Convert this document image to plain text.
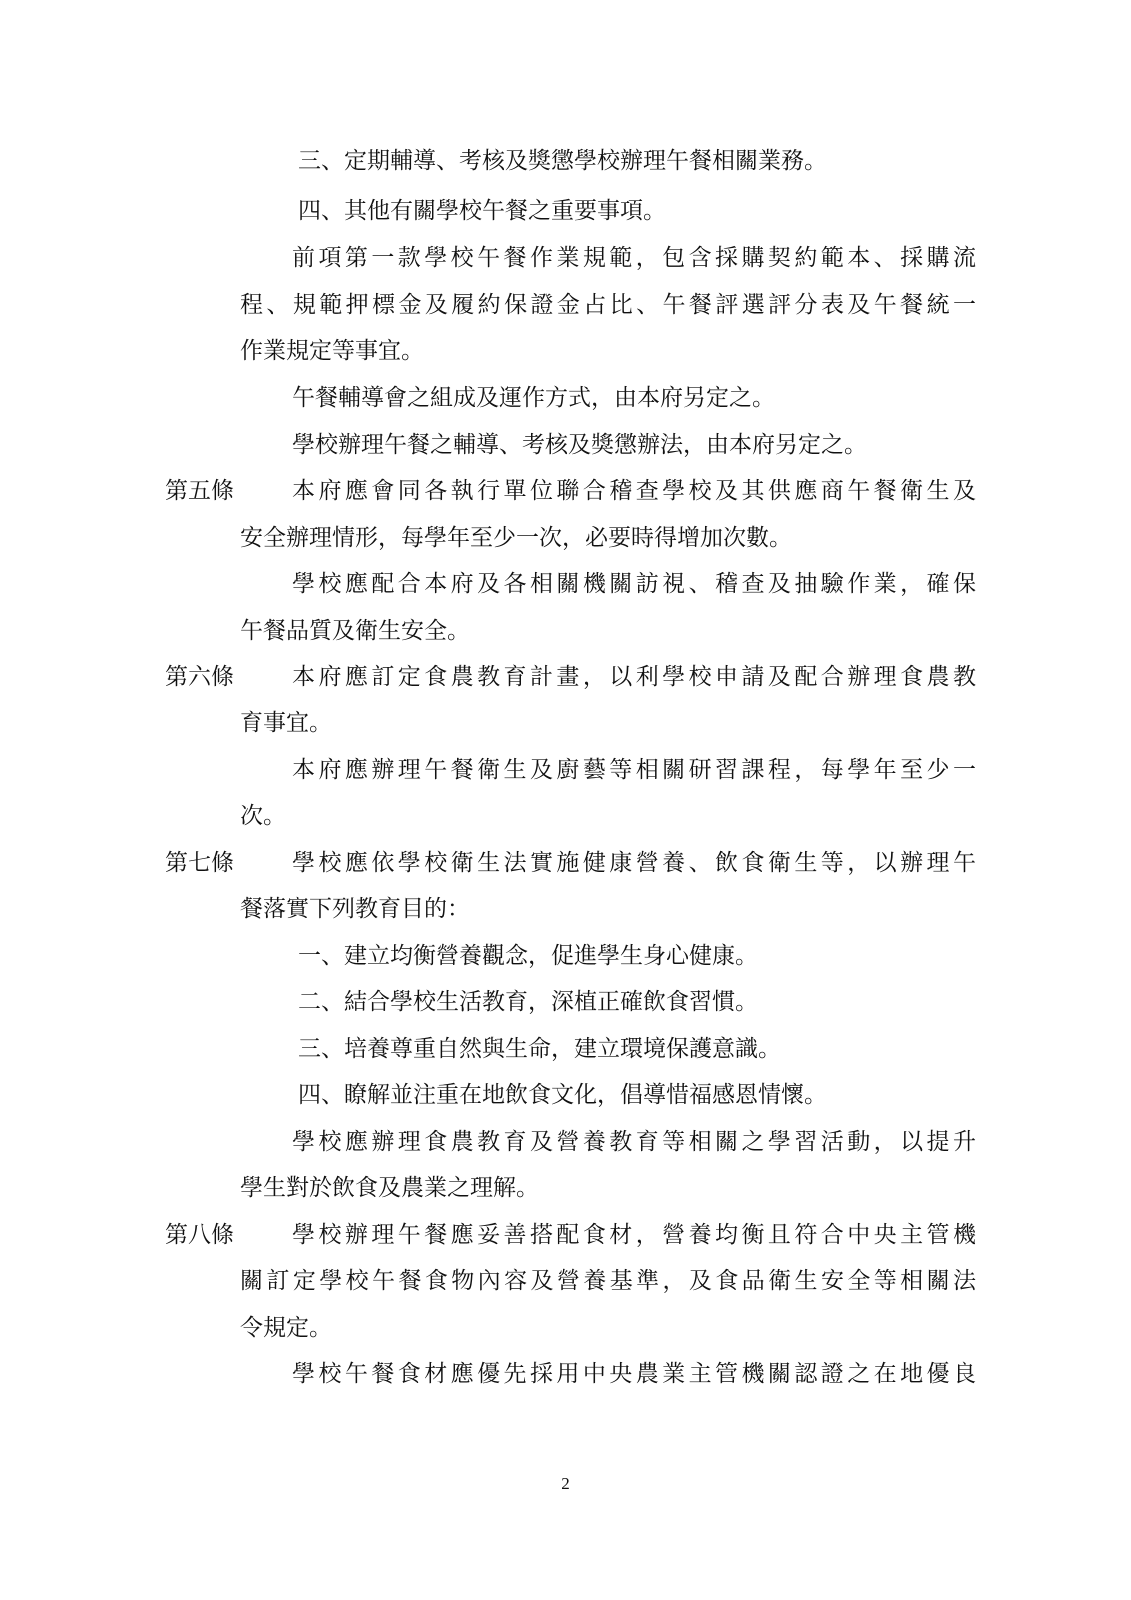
三、定期輔導、考核及獎懲學校辦理午餐相關業務。
四、其他有關學校午餐之重要事項。
前項第一款學校午餐作業規範，包含採購契約範本、採購流
程、規範押標金及履約保證金占比、午餐評選評分表及午餐統一
作業規定等事宜。
午餐輔導會之組成及運作方式，由本府另定之。
學校辦理午餐之輔導、考核及獎懲辦法，由本府另定之。
第五條	本府應會同各執行單位聯合稽查學校及其供應商午餐衛生及
安全辦理情形，每學年至少一次，必要時得增加次數。
學校應配合本府及各相關機關訪視、稽查及抽驗作業，確保
午餐品質及衛生安全。
第六條	本府應訂定食農教育計畫，以利學校申請及配合辦理食農教
育事宜。
本府應辦理午餐衛生及廚藝等相關研習課程，每學年至少一
次。
第七條	學校應依學校衛生法實施健康營養、飲食衛生等，以辦理午
餐落實下列教育目的：
一、建立均衡營養觀念，促進學生身心健康。
二、結合學校生活教育，深植正確飲食習慣。
三、培養尊重自然與生命，建立環境保護意識。
四、瞭解並注重在地飲食文化，倡導惜福感恩情懷。
學校應辦理食農教育及營養教育等相關之學習活動，以提升
學生對於飲食及農業之理解。
第八條	學校辦理午餐應妥善搭配食材，營養均衡且符合中央主管機
關訂定學校午餐食物內容及營養基準，及食品衛生安全等相關法
令規定。
學校午餐食材應優先採用中央農業主管機關認證之在地優良
2
